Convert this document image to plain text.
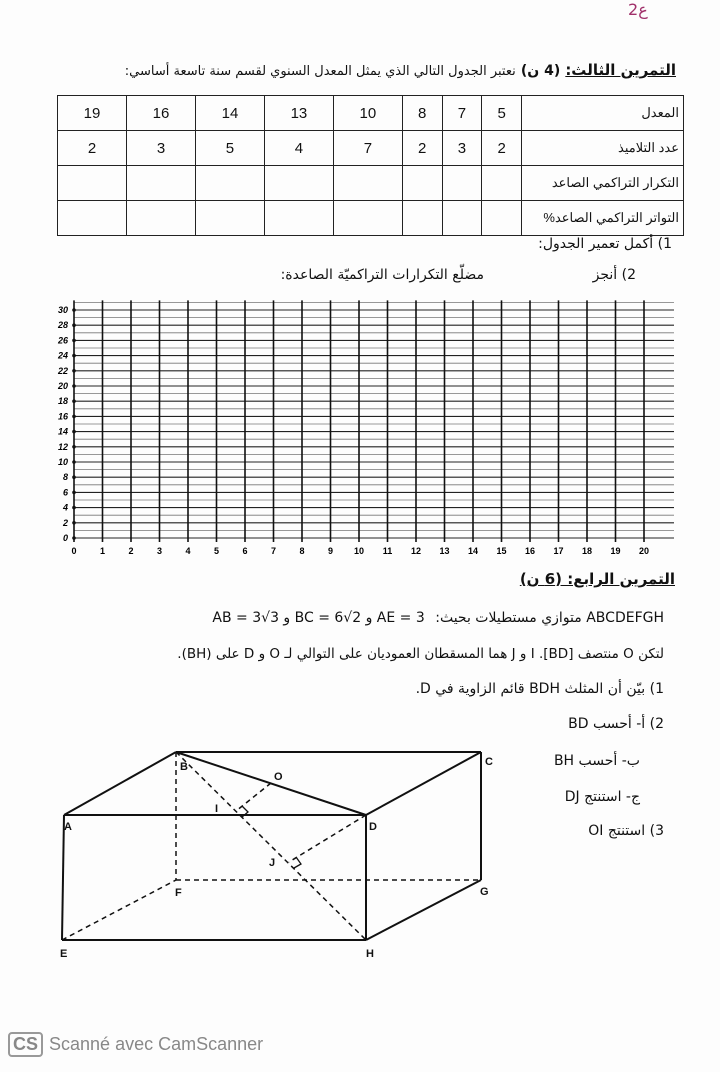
ع2
التمرين الثالث: (4 ن) نعتبر الجدول التالي الذي يمثل المعدل السنوي لقسم سنة تاسعة أساسي:
المعدل	5	7	8	10	13	14	16	19
عدد التلاميذ	2	3	2	7	4	5	3	2
التكرار التراكمي الصاعد								
التواتر التراكمي الصاعد%								
1) أكمل تعمير الجدول:
2) أنجز
مضلّع التكرارات التراكميّة الصاعدة:
0	1	2	3	4	5	6	7	8	9 10 11 12 13 14 15 16 17 18 19 20
0
2
4
6
8
10
12
14
16
18
20
22
24
26
28
30
التمرين الرابع: (6 ن)
ABCDEFGH متوازي مستطيلات بحيث: AB = 3√3 و BC = 6√2 و AE = 3
لتكن O منتصف [BD]. I و J هما المسقطان العموديان على التوالي لـ O و D على (BH).
1) بيّن أن المثلث BDH قائم الزاوية في D.
2) أ- أحسب BD
ب- أحسب BH
ج- استنتج DJ
3) استنتج OI
A
B	C
D
E
F	G
H
O
I
J
CS Scanné avec CamScanner
